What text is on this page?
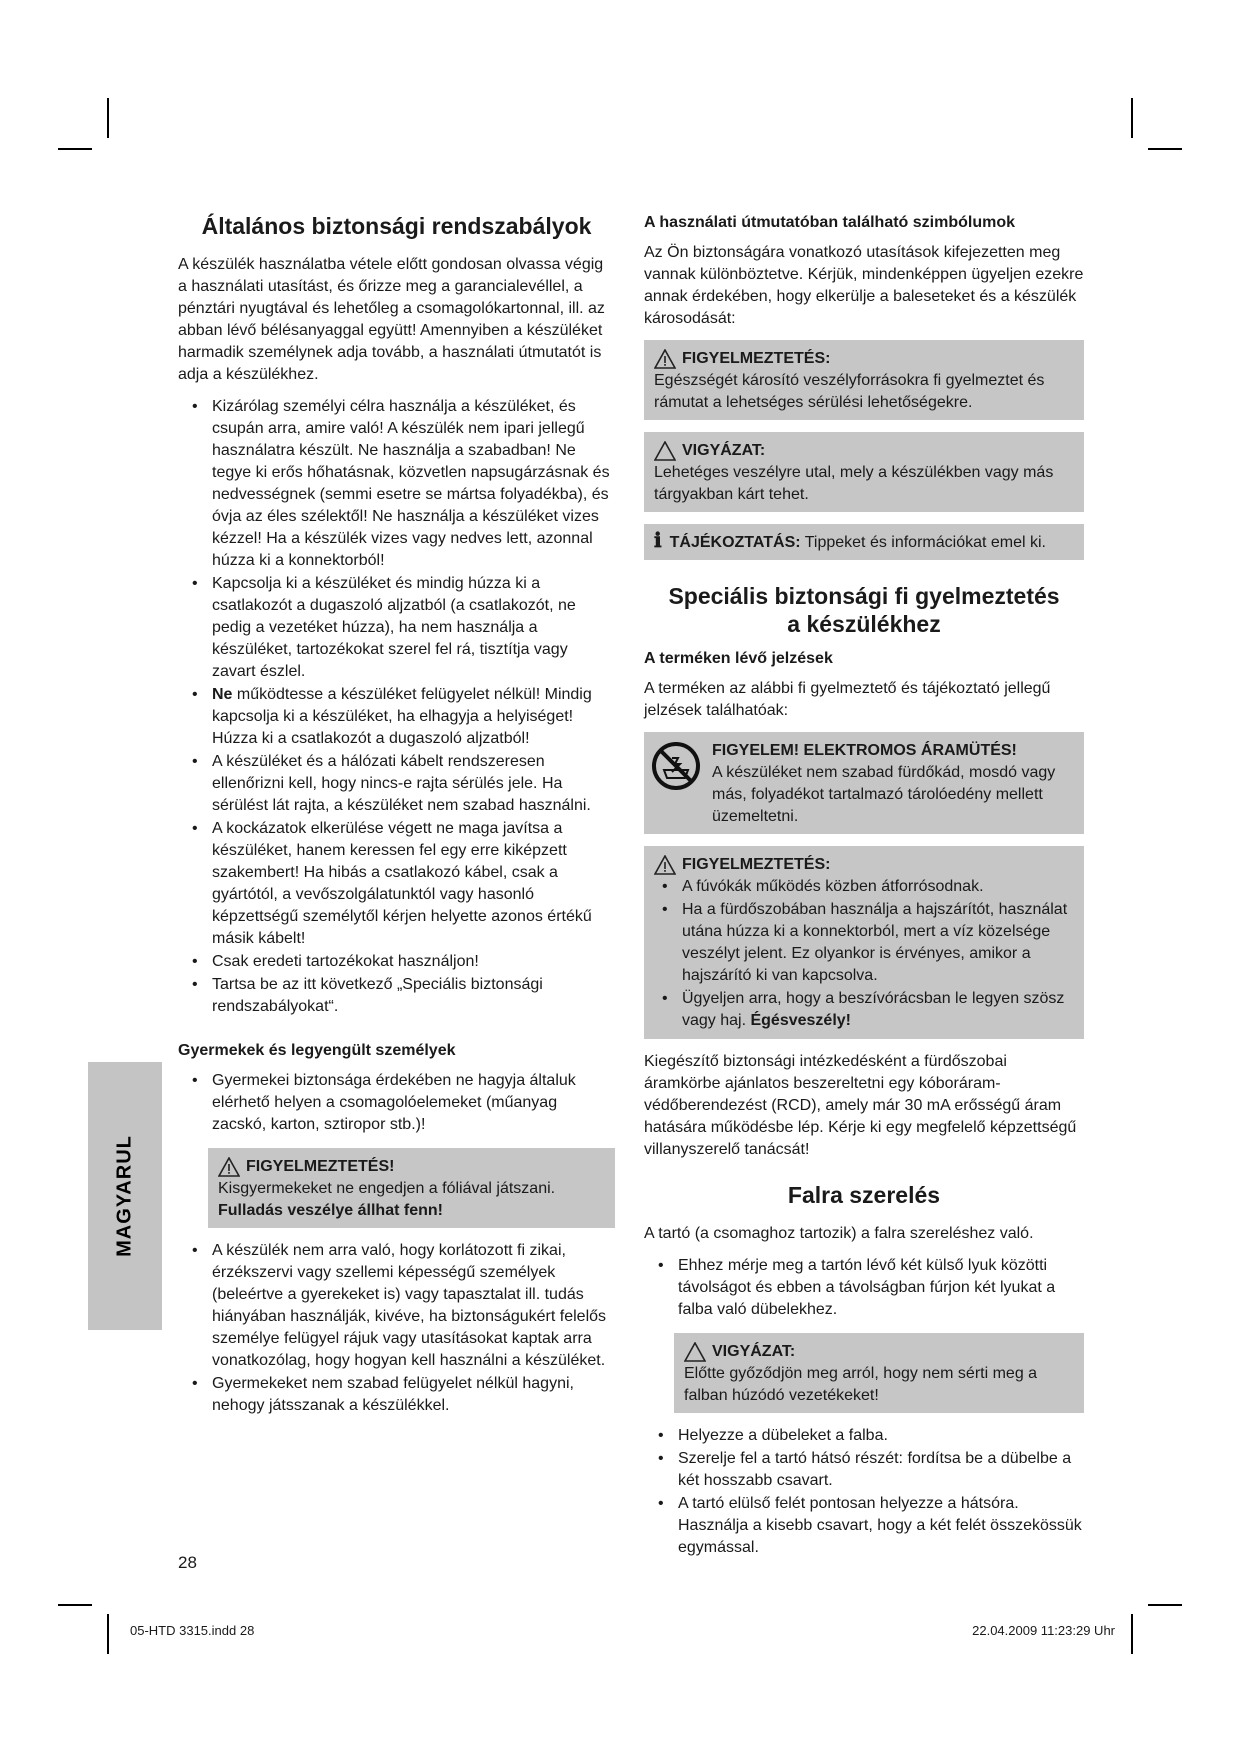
Általános biztonsági rendszabályok

A készülék használatba vétele előtt gondosan olvassa végig a használati utasítást, és őrizze meg a garancialevéllel, a pénztári nyugtával és lehetőleg a csomagolókartonnal, ill. az abban lévő bélésanyaggal együtt! Amennyiben a készüléket harmadik személynek adja tovább, a használati útmutatót is adja a készülékhez.

• Kizárólag személyi célra használja a készüléket, és csupán arra, amire való! A készülék nem ipari jellegű használatra készült. Ne használja a szabadban! Ne tegye ki erős hőhatásnak, közvetlen napsugárzásnak és nedvességnek (semmi esetre se mártsa folyadékba), és óvja az éles szélektől! Ne használja a készüléket vizes kézzel! Ha a készülék vizes vagy nedves lett, azonnal húzza ki a konnektorból!
• Kapcsolja ki a készüléket és mindig húzza ki a csatlakozót a dugaszoló aljzatból (a csatlakozót, ne pedig a vezetéket húzza), ha nem használja a készüléket, tartozékokat szerel fel rá, tisztítja vagy zavart észlel.
• Ne működtesse a készüléket felügyelet nélkül! Mindig kapcsolja ki a készüléket, ha elhagyja a helyiséget! Húzza ki a csatlakozót a dugaszoló aljzatból!
• A készüléket és a hálózati kábelt rendszeresen ellenőrizni kell, hogy nincs-e rajta sérülés jele. Ha sérülést lát rajta, a készüléket nem szabad használni.
• A kockázatok elkerülése végett ne maga javítsa a készüléket, hanem keressen fel egy erre kiképzett szakembert! Ha hibás a csatlakozó kábel, csak a gyártótól, a vevőszolgálatunktól vagy hasonló képzettségű személytől kérjen helyette azonos értékű másik kábelt!
• Csak eredeti tartozékokat használjon!
• Tartsa be az itt következő „Speciális biztonsági rendszabályokat“.
Gyermekek és legyengült személyek
• Gyermekei biztonsága érdekében ne hagyja általuk elérhető helyen a csomagolóelemeket (műanyag zacskó, karton, sztiropor stb.)!
FIGYELMEZTETÉS!
Kisgyermekeket ne engedjen a fóliával játszani. Fulladás veszélye állhat fenn!
• A készülék nem arra való, hogy korlátozott fi zikai, érzékszervi vagy szellemi képességű személyek (beleértve a gyerekeket is) vagy tapasztalat ill. tudás hiányában használják, kivéve, ha biztonságukért felelős személye felügyel rájuk vagy utasításokat kaptak arra vonatkozólag, hogy hogyan kell használni a készüléket.
• Gyermekeket nem szabad felügyelet nélkül hagyni, nehogy játsszanak a készülékkel.
A használati útmutatóban található szimbólumok

Az Ön biztonságára vonatkozó utasítások kifejezetten meg vannak különböztetve. Kérjük, mindenképpen ügyeljen ezekre annak érdekében, hogy elkerülje a baleseteket és a készülék károsodását:

FIGYELMEZTETÉS:
Egészségét károsító veszélyforrásokra fi gyelmeztet és rámutat a lehetséges sérülési lehetőségekre.
VIGYÁZAT:
Lehetéges veszélyre utal, mely a készülékben vagy más tárgyakban kárt tehet.
ℹ TÁJÉKOZTATÁS: Tippeket és információkat emel ki.
Speciális biztonsági fi gyelmeztetés
a készülékhez
A terméken lévő jelzések

A terméken az alábbi fi gyelmeztető és tájékoztató jellegű jelzések találhatóak:

FIGYELEM! ELEKTROMOS ÁRAMÜTÉS!
A készüléket nem szabad fürdőkád, mosdó vagy más, folyadékot tartalmazó tárolóedény mellett üzemeltetni.
FIGYELMEZTETÉS:
• A fúvókák működés közben átforrósodnak.
• Ha a fürdőszobában használja a hajszárítót, használat utána húzza ki a konnektorból, mert a víz közelsége veszélyt jelent. Ez olyankor is érvényes, amikor a hajszárító ki van kapcsolva.
• Ügyeljen arra, hogy a beszívórácsban le legyen szösz vagy haj. Égésveszély!

Kiegészítő biztonsági intézkedésként a fürdőszobai áramkörbe ajánlatos beszereltetni egy kóboráram-védőberendezést (RCD), amely már 30 mA erősségű áram hatására működésbe lép. Kérje ki egy megfelelő képzettségű villanyszerelő tanácsát!

Falra szerelés

A tartó (a csomaghoz tartozik) a falra szereléshez való.

• Ehhez mérje meg a tartón lévő két külső lyuk közötti távolságot és ebben a távolságban fúrjon két lyukat a falba való dübelekhez.
VIGYÁZAT:
Előtte győződjön meg arról, hogy nem sérti meg a falban húzódó vezetékeket!
• Helyezze a dübeleket a falba.
• Szerelje fel a tartó hátsó részét: fordítsa be a dübelbe a két hosszabb csavart.
• A tartó elülső felét pontosan helyezze a hátsóra. Használja a kisebb csavart, hogy a két felét összekössük egymással.
MAGYARUL
28
05-HTD 3315.indd 28	22.04.2009 11:23:29 Uhr
